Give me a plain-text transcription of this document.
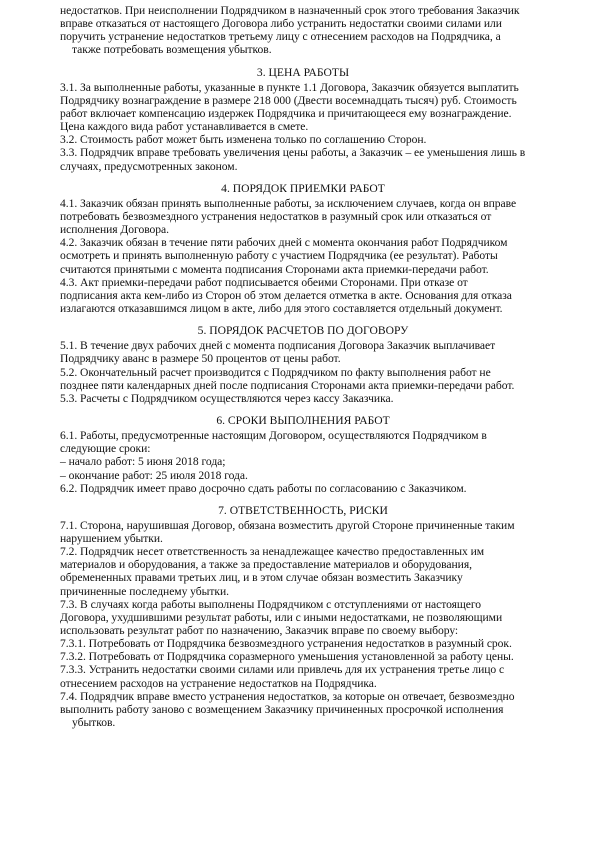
недостатков. При неисполнении Подрядчиком в назначенный срок этого требования Заказчик
вправе отказаться от настоящего Договора либо устранить недостатки своими силами или
поручить устранение недостатков третьему лицу с отнесением расходов на Подрядчика, а
также потребовать возмещения убытков.
3. ЦЕНА РАБОТЫ
3.1. За выполненные работы, указанные в пункте 1.1 Договора, Заказчик обязуется выплатить
Подрядчику вознаграждение в размере 218 000 (Двести восемнадцать тысяч) руб. Стоимость
работ включает компенсацию издержек Подрядчика и причитающееся ему вознаграждение.
Цена каждого вида работ устанавливается в смете.
3.2. Стоимость работ может быть изменена только по соглашению Сторон.
3.3. Подрядчик вправе требовать увеличения цены работы, а Заказчик – ее уменьшения лишь в
случаях, предусмотренных законом.
4. ПОРЯДОК ПРИЕМКИ РАБОТ
4.1. Заказчик обязан принять выполненные работы, за исключением случаев, когда он вправе
потребовать безвозмездного устранения недостатков в разумный срок или отказаться от
исполнения Договора.
4.2. Заказчик обязан в течение пяти рабочих дней с момента окончания работ Подрядчиком
осмотреть и принять выполненную работу с участием Подрядчика (ее результат). Работы
считаются принятыми с момента подписания Сторонами акта приемки-передачи работ.
4.3. Акт приемки-передачи работ подписывается обеими Сторонами. При отказе от
подписания акта кем-либо из Сторон об этом делается отметка в акте. Основания для отказа
излагаются отказавшимся лицом в акте, либо для этого составляется отдельный документ.
5. ПОРЯДОК РАСЧЕТОВ ПО ДОГОВОРУ
5.1. В течение двух рабочих дней с момента подписания Договора Заказчик выплачивает
Подрядчику аванс в размере 50 процентов от цены работ.
5.2. Окончательный расчет производится с Подрядчиком по факту выполнения работ не
позднее пяти календарных дней после подписания Сторонами акта приемки-передачи работ.
5.3. Расчеты с Подрядчиком осуществляются через кассу Заказчика.
6. СРОКИ ВЫПОЛНЕНИЯ РАБОТ
6.1. Работы, предусмотренные настоящим Договором, осуществляются Подрядчиком в
следующие сроки:
– начало работ: 5 июня 2018 года;
– окончание работ: 25 июля 2018 года.
6.2. Подрядчик имеет право досрочно сдать работы по согласованию с Заказчиком.
7. ОТВЕТСТВЕННОСТЬ, РИСКИ
7.1. Сторона, нарушившая Договор, обязана возместить другой Стороне причиненные таким
нарушением убытки.
7.2. Подрядчик несет ответственность за ненадлежащее качество предоставленных им
материалов и оборудования, а также за предоставление материалов и оборудования,
обремененных правами третьих лиц, и в этом случае обязан возместить Заказчику
причиненные последнему убытки.
7.3. В случаях когда работы выполнены Подрядчиком с отступлениями от настоящего
Договора, ухудшившими результат работы, или с иными недостатками, не позволяющими
использовать результат работ по назначению, Заказчик вправе по своему выбору:
7.3.1. Потребовать от Подрядчика безвозмездного устранения недостатков в разумный срок.
7.3.2. Потребовать от Подрядчика соразмерного уменьшения установленной за работу цены.
7.3.3. Устранить недостатки своими силами или привлечь для их устранения третье лицо с
отнесением расходов на устранение недостатков на Подрядчика.
7.4. Подрядчик вправе вместо устранения недостатков, за которые он отвечает, безвозмездно
выполнить работу заново с возмещением Заказчику причиненных просрочкой исполнения
убытков.
